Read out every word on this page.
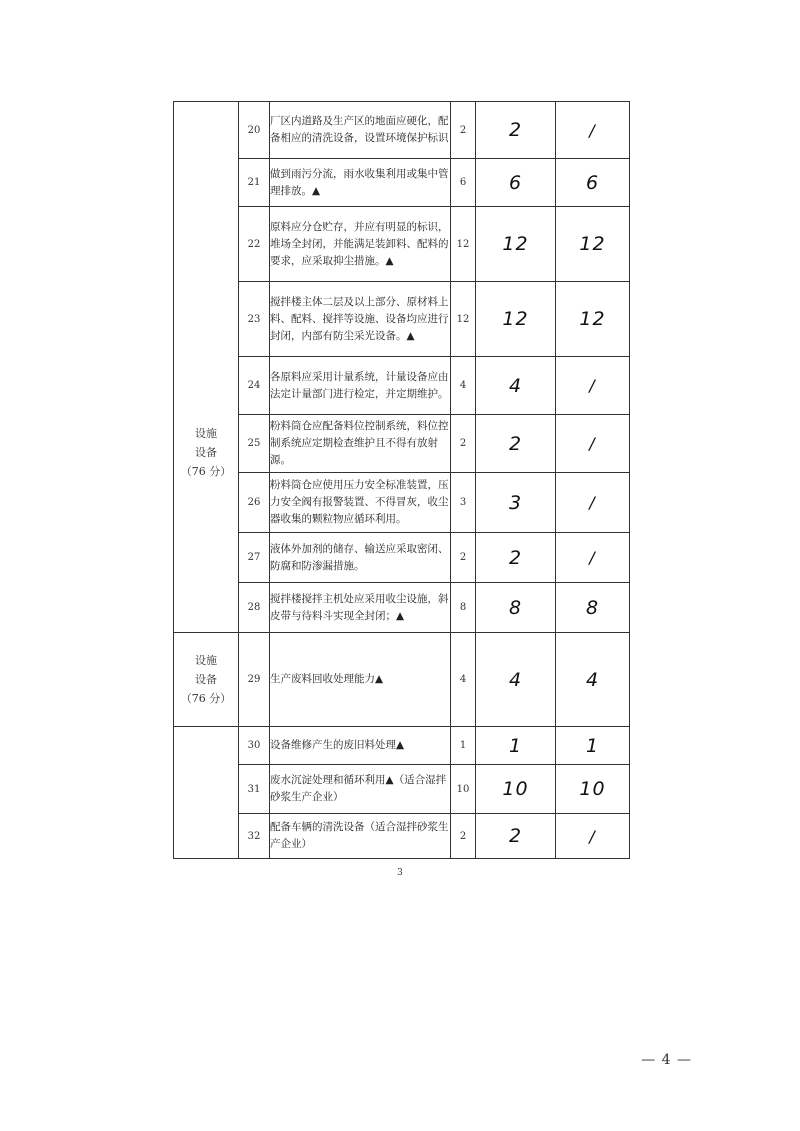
设施
设备
（76 分）	20	厂区内道路及生产区的地面应硬化，配备相应的清洗设备，设置环境保护标识	2	2	/
	21	做到雨污分流，雨水收集利用或集中管理排放。▲	6	6	6
	22	原料应分仓贮存，并应有明显的标识，堆场全封闭，并能满足装卸料、配料的要求，应采取抑尘措施。▲	12	12	12
	23	搅拌楼主体二层及以上部分、原材料上料、配料、搅拌等设施、设备均应进行封闭，内部有防尘采光设备。▲	12	12	12
	24	各原料应采用计量系统，计量设备应由法定计量部门进行检定，并定期维护。	4	4	/
	25	粉料筒仓应配备料位控制系统，料位控制系统应定期检查维护且不得有放射源。	2	2	/
	26	粉料筒仓应使用压力安全标准装置，压力安全阀有报警装置、不得冒灰，收尘器收集的颗粒物应循环利用。	3	3	/
	27	液体外加剂的储存、输送应采取密闭、防腐和防渗漏措施。	2	2	/
	28	搅拌楼搅拌主机处应采用收尘设施，斜皮带与待料斗实现全封闭；▲	8	8	8

设施
设备
（76 分）	29	生产废料回收处理能力▲	4	4	4
	30	设备维修产生的废旧料处理▲	1	1	1
	31	废水沉淀处理和循环利用▲（适合湿拌砂浆生产企业）	10	10	10
	32	配备车辆的清洗设备（适合湿拌砂浆生产企业）	2	2	/
3
— 4 —
